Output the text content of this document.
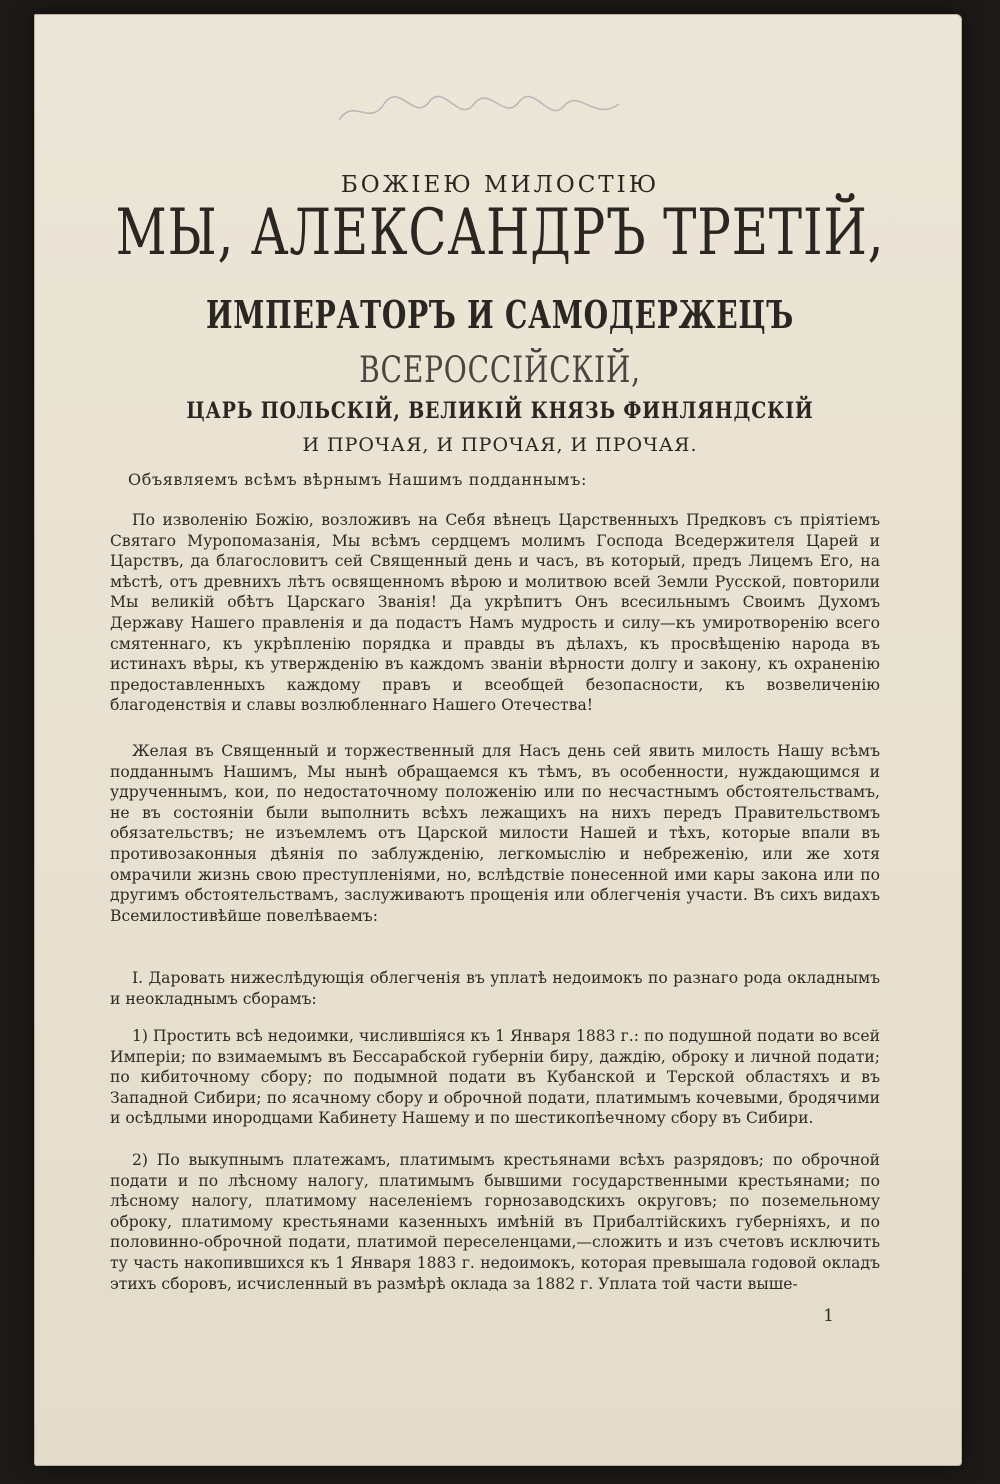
БОЖІЕЮ МИЛОСТІЮ
МЫ, АЛЕКСАНДРЪ ТРЕТІЙ,
ИМПЕРАТОРЪ И САМОДЕРЖЕЦЪ
ВСЕРОССІЙСКІЙ,
ЦАРЬ ПОЛЬСКІЙ, ВЕЛИКІЙ КНЯЗЬ ФИНЛЯНДСКІЙ
И ПРОЧАЯ, И ПРОЧАЯ, И ПРОЧАЯ.
Объявляемъ всѣмъ вѣрнымъ Нашимъ подданнымъ:

По изволенію Божію, возложивъ на Себя вѣнецъ Царственныхъ Предковъ съ пріятіемъ Святаго Муропомазанія, Мы всѣмъ сердцемъ молимъ Господа Вседержителя Царей и Царствъ, да благословитъ сей Священный день и часъ, въ который, предъ Лицемъ Его, на мѣстѣ, отъ древнихъ лѣтъ освященномъ вѣрою и молитвою всей Земли Русской, повторили Мы великій обѣтъ Царскаго Званія! Да укрѣпитъ Онъ всесильнымъ Своимъ Духомъ Державу Нашего правленія и да подастъ Намъ мудрость и силу—къ умиротворенію всего смятеннаго, къ укрѣпленію порядка и правды въ дѣлахъ, къ просвѣщенію народа въ истинахъ вѣры, къ утвержденію въ каждомъ званіи вѣрности долгу и закону, къ охраненію предоставленныхъ каждому правъ и всеобщей безопасности, къ возвеличенію благоденствія и славы возлюбленнаго Нашего Отечества!

Желая въ Священный и торжественный для Насъ день сей явить милость Нашу всѣмъ подданнымъ Нашимъ, Мы нынѣ обращаемся къ тѣмъ, въ особенности, нуждающимся и удрученнымъ, кои, по недостаточному положенію или по несчастнымъ обстоятельствамъ, не въ состояніи были выполнить всѣхъ лежащихъ на нихъ передъ Правительствомъ обязательствъ; не изъемлемъ отъ Царской милости Нашей и тѣхъ, которые впали въ противозаконныя дѣянія по заблужденію, легкомыслію и небреженію, или же хотя омрачили жизнь свою преступленіями, но, вслѣдствіе понесенной ими кары закона или по другимъ обстоятельствамъ, заслуживаютъ прощенія или облегченія участи. Въ сихъ видахъ Всемилостивѣйше повелѣваемъ:

I. Даровать нижеслѣдующія облегченія въ уплатѣ недоимокъ по разнаго рода окладнымъ и неокладнымъ сборамъ:

1) Простить всѣ недоимки, числившіяся къ 1 Января 1883 г.: по подушной подати во всей Имперіи; по взимаемымъ въ Бессарабской губерніи биру, даждію, оброку и личной подати; по кибиточному сбору; по подымной подати въ Кубанской и Терской областяхъ и въ Западной Сибири; по ясачному сбору и оброчной подати, платимымъ кочевыми, бродячими и осѣдлыми инородцами Кабинету Нашему и по шестикопѣечному сбору въ Сибири.

2) По выкупнымъ платежамъ, платимымъ крестьянами всѣхъ разрядовъ; по оброчной подати и по лѣсному налогу, платимымъ бывшими государственными крестьянами; по лѣсному налогу, платимому населеніемъ горнозаводскихъ округовъ; по поземельному оброку, платимому крестьянами казенныхъ имѣній въ Прибалтійскихъ губерніяхъ, и по половинно-оброчной подати, платимой переселенцами,—сложить и изъ счетовъ исключить ту часть накопившихся къ 1 Января 1883 г. недоимокъ, которая превышала годовой окладъ этихъ сборовъ, исчисленный въ размѣрѣ оклада за 1882 г. Уплата той части выше-

1
